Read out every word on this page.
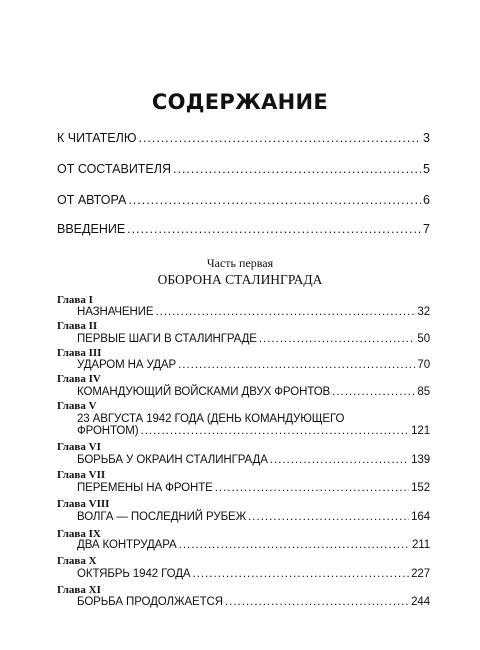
СОДЕРЖАНИЕ
К ЧИТАТЕЛЮ .....	3
ОТ СОСТАВИТЕЛЯ .....	5
ОТ АВТОРА .....	6
ВВЕДЕНИЕ .....	7
Часть первая
ОБОРОНА СТАЛИНГРАДА
Глава I
НАЗНАЧЕНИЕ .....	32
Глава II
ПЕРВЫЕ ШАГИ В СТАЛИНГРАДЕ .....	50
Глава III
УДАРОМ НА УДАР .....	70
Глава IV
КОМАНДУЮЩИЙ ВОЙСКАМИ ДВУХ ФРОНТОВ .....	85
Глава V
23 АВГУСТА 1942 ГОДА (ДЕНЬ КОМАНДУЮЩЕГО
ФРОНТОМ) .....	121
Глава VI
БОРЬБА У ОКРАИН СТАЛИНГРАДА .....	139
Глава VII
ПЕРЕМЕНЫ НА ФРОНТЕ .....	152
Глава VIII
ВОЛГА — ПОСЛЕДНИЙ РУБЕЖ .....	164
Глава IX
ДВА КОНТРУДАРА .....	211
Глава X
ОКТЯБРЬ 1942 ГОДА .....	227
Глава XI
БОРЬБА ПРОДОЛЖАЕТСЯ .....	244
